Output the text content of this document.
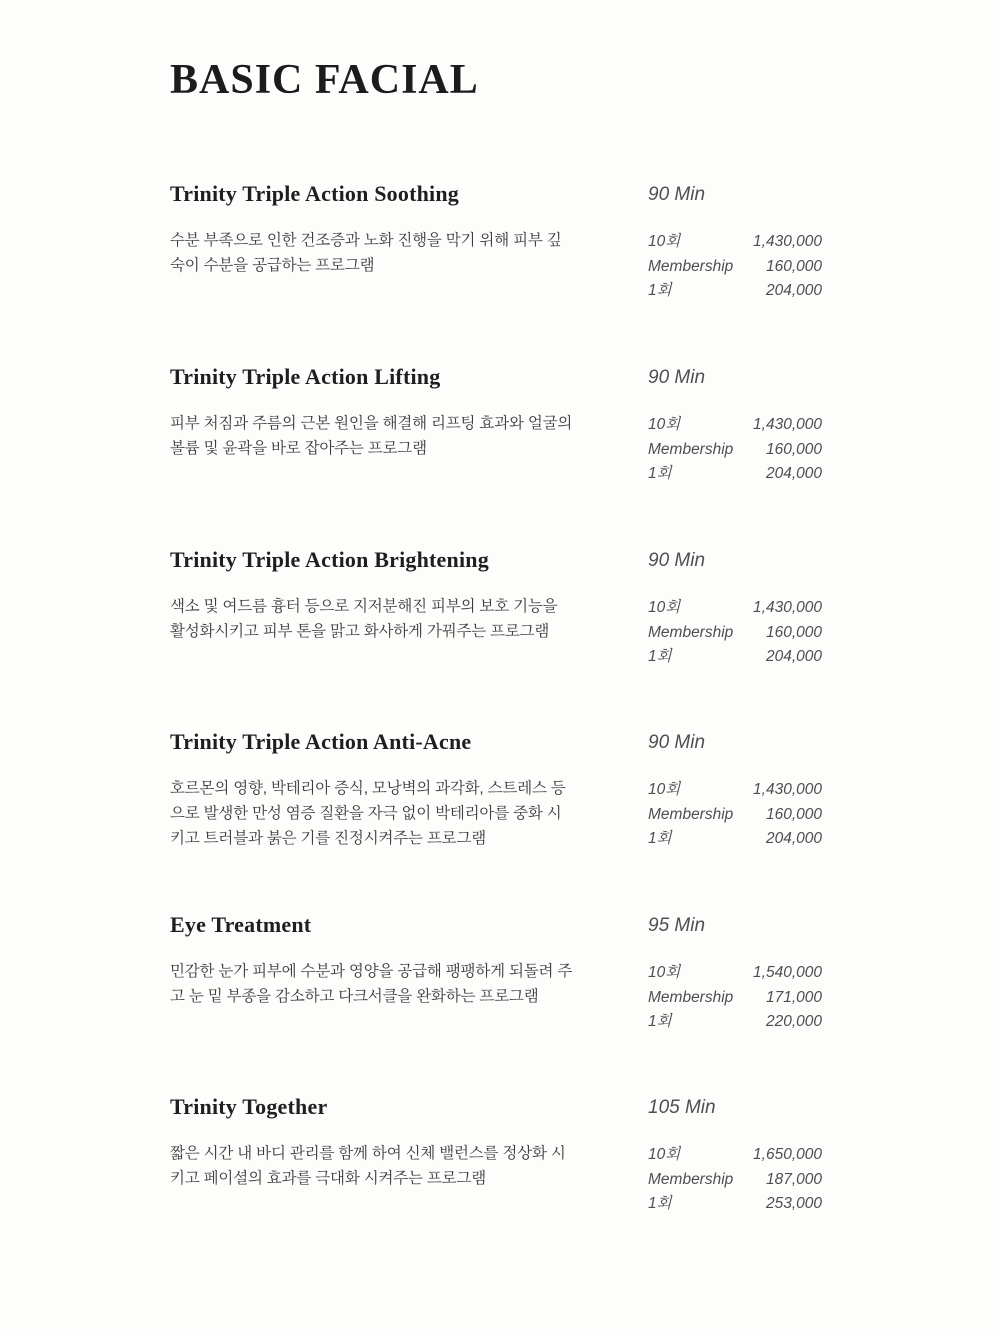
BASIC FACIAL
Trinity Triple Action Soothing	90 Min

수분 부족으로 인한 건조증과 노화 진행을 막기 위해 피부 깊숙이 수분을 공급하는 프로그램

10회	1,430,000
Membership 160,000
1회	204,000
Trinity Triple Action Lifting	90 Min

피부 처짐과 주름의 근본 원인을 해결해 리프팅 효과와 얼굴의 볼륨 및 윤곽을 바로 잡아주는 프로그램

10회	1,430,000
Membership 160,000
1회	204,000
Trinity Triple Action Brightening	90 Min

색소 및 여드름 흉터 등으로 지저분해진 피부의 보호 기능을 활성화시키고 피부 톤을 맑고 화사하게 가꿔주는 프로그램

10회	1,430,000
Membership 160,000
1회	204,000
Trinity Triple Action Anti-Acne	90 Min

호르몬의 영향, 박테리아 증식, 모낭벽의 과각화, 스트레스 등으로 발생한 만성 염증 질환을 자극 없이 박테리아를 중화 시키고 트러블과 붉은 기를 진정시켜주는 프로그램

10회	1,430,000
Membership 160,000
1회	204,000
Eye Treatment	95 Min

민감한 눈가 피부에 수분과 영양을 공급해 팽팽하게 되돌려 주고 눈 밑 부종을 감소하고 다크서클을 완화하는 프로그램

10회	1,540,000
Membership 171,000
1회	220,000
Trinity Together	105 Min

짧은 시간 내 바디 관리를 함께 하여 신체 밸런스를 정상화 시키고 페이셜의 효과를 극대화 시켜주는 프로그램

10회	1,650,000
Membership 187,000
1회	253,000
